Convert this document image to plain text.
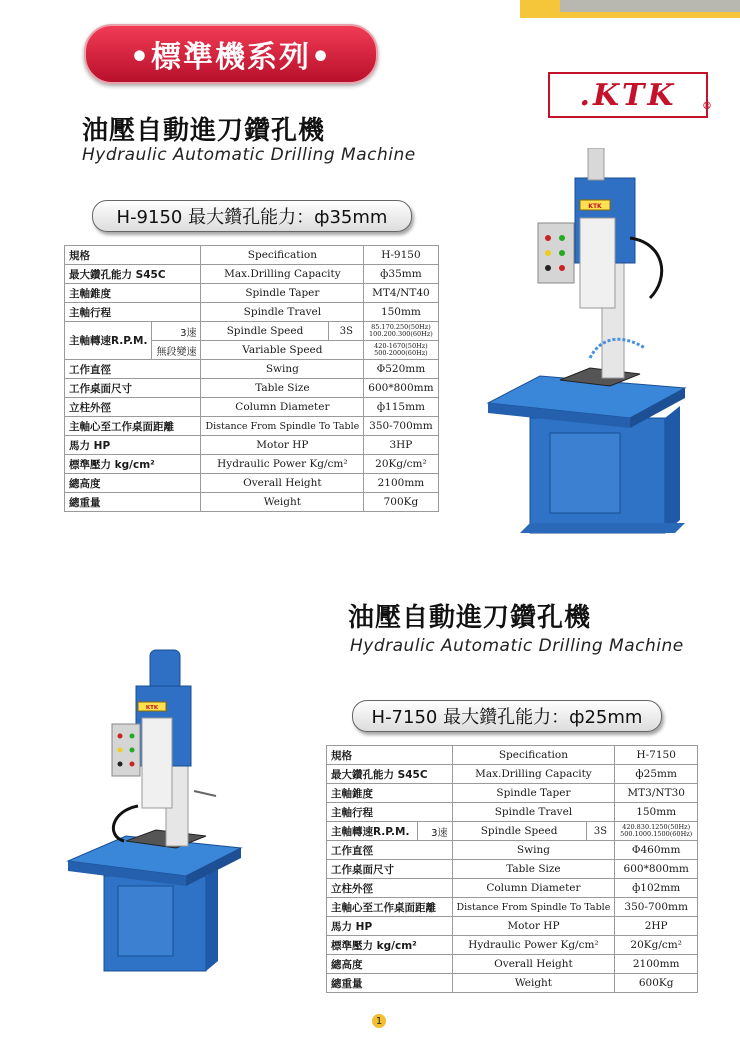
•標準機系列•
.KTK	®
油壓自動進刀鑽孔機
Hydraulic Automatic Drilling Machine
H-9150 最大鑽孔能力：ф35mm
規格		Specification		H-9150
最大鑽孔能力 S45C		Max.Drilling Capacity		ф35mm
主軸錐度		Spindle Taper		MT4/NT40
主軸行程		Spindle Travel		150mm
主軸轉速R.P.M.	3速	Spindle Speed	3S	85.170.250(50Hz)
100.200.300(60Hz)

	無段變速	Variable Speed		420-1670(50Hz)
500-2000(60Hz)

工作直徑		Swing		Φ520mm
工作桌面尺寸		Table Size		600*800mm
立柱外徑		Column Diameter		ф115mm
主軸心至工作桌面距離		Distance From Spindle To Table		350-700mm
馬力 HP		Motor HP		3HP
標準壓力 kg/cm²		Hydraulic Power Kg/cm²		20Kg/cm²
總高度		Overall Height		2100mm
總重量		Weight		700Kg
KTK
油壓自動進刀鑽孔機
Hydraulic Automatic Drilling Machine
H-7150 最大鑽孔能力：ф25mm
規格		Specification		H-7150
最大鑽孔能力 S45C		Max.Drilling Capacity		ф25mm
主軸錐度		Spindle Taper		MT3/NT30
主軸行程		Spindle Travel		150mm
主軸轉速R.P.M.	3速	Spindle Speed	3S	420.830.1250(50Hz)
500.1000.1500(60Hz)

工作直徑		Swing		Φ460mm
工作桌面尺寸		Table Size		600*800mm
立柱外徑		Column Diameter		ф102mm
主軸心至工作桌面距離		Distance From Spindle To Table		350-700mm
馬力 HP		Motor HP		2HP
標準壓力 kg/cm²		Hydraulic Power Kg/cm²		20Kg/cm²
總高度		Overall Height		2100mm
總重量		Weight		600Kg
KTK
1
